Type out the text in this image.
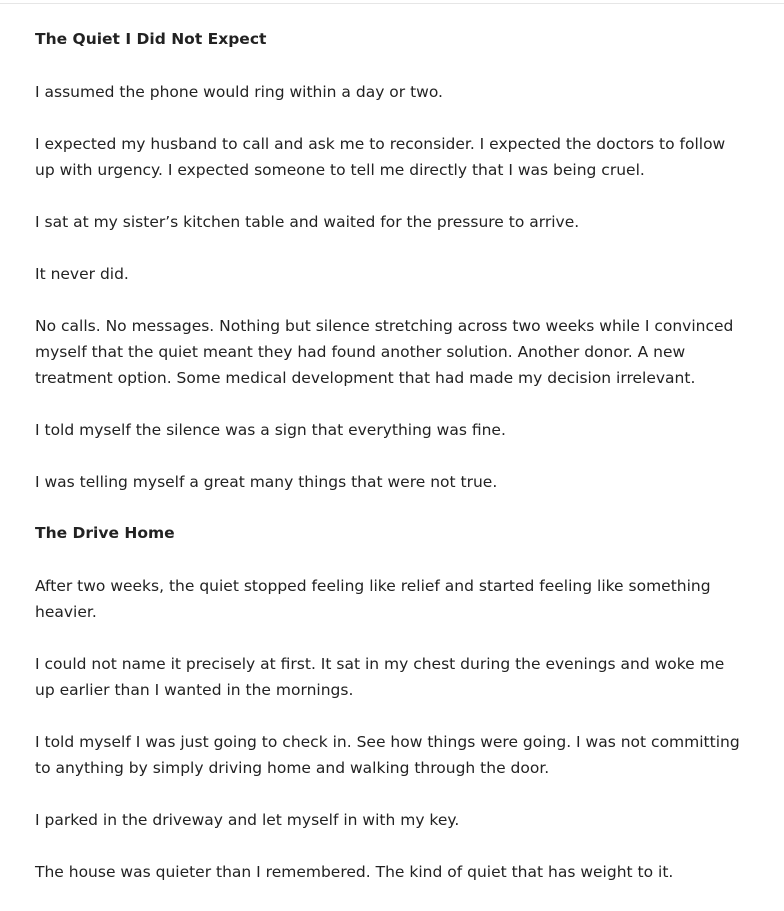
The Quiet I Did Not Expect

I assumed the phone would ring within a day or two.

I expected my husband to call and ask me to reconsider. I expected the doctors to follow up with urgency. I expected someone to tell me directly that I was being cruel.

I sat at my sister’s kitchen table and waited for the pressure to arrive.

It never did.

No calls. No messages. Nothing but silence stretching across two weeks while I convinced myself that the quiet meant they had found another solution. Another donor. A new treatment option. Some medical development that had made my decision irrelevant.

I told myself the silence was a sign that everything was fine.

I was telling myself a great many things that were not true.

The Drive Home

After two weeks, the quiet stopped feeling like relief and started feeling like something heavier.

I could not name it precisely at first. It sat in my chest during the evenings and woke me up earlier than I wanted in the mornings.

I told myself I was just going to check in. See how things were going. I was not committing to anything by simply driving home and walking through the door.

I parked in the driveway and let myself in with my key.

The house was quieter than I remembered. The kind of quiet that has weight to it.
